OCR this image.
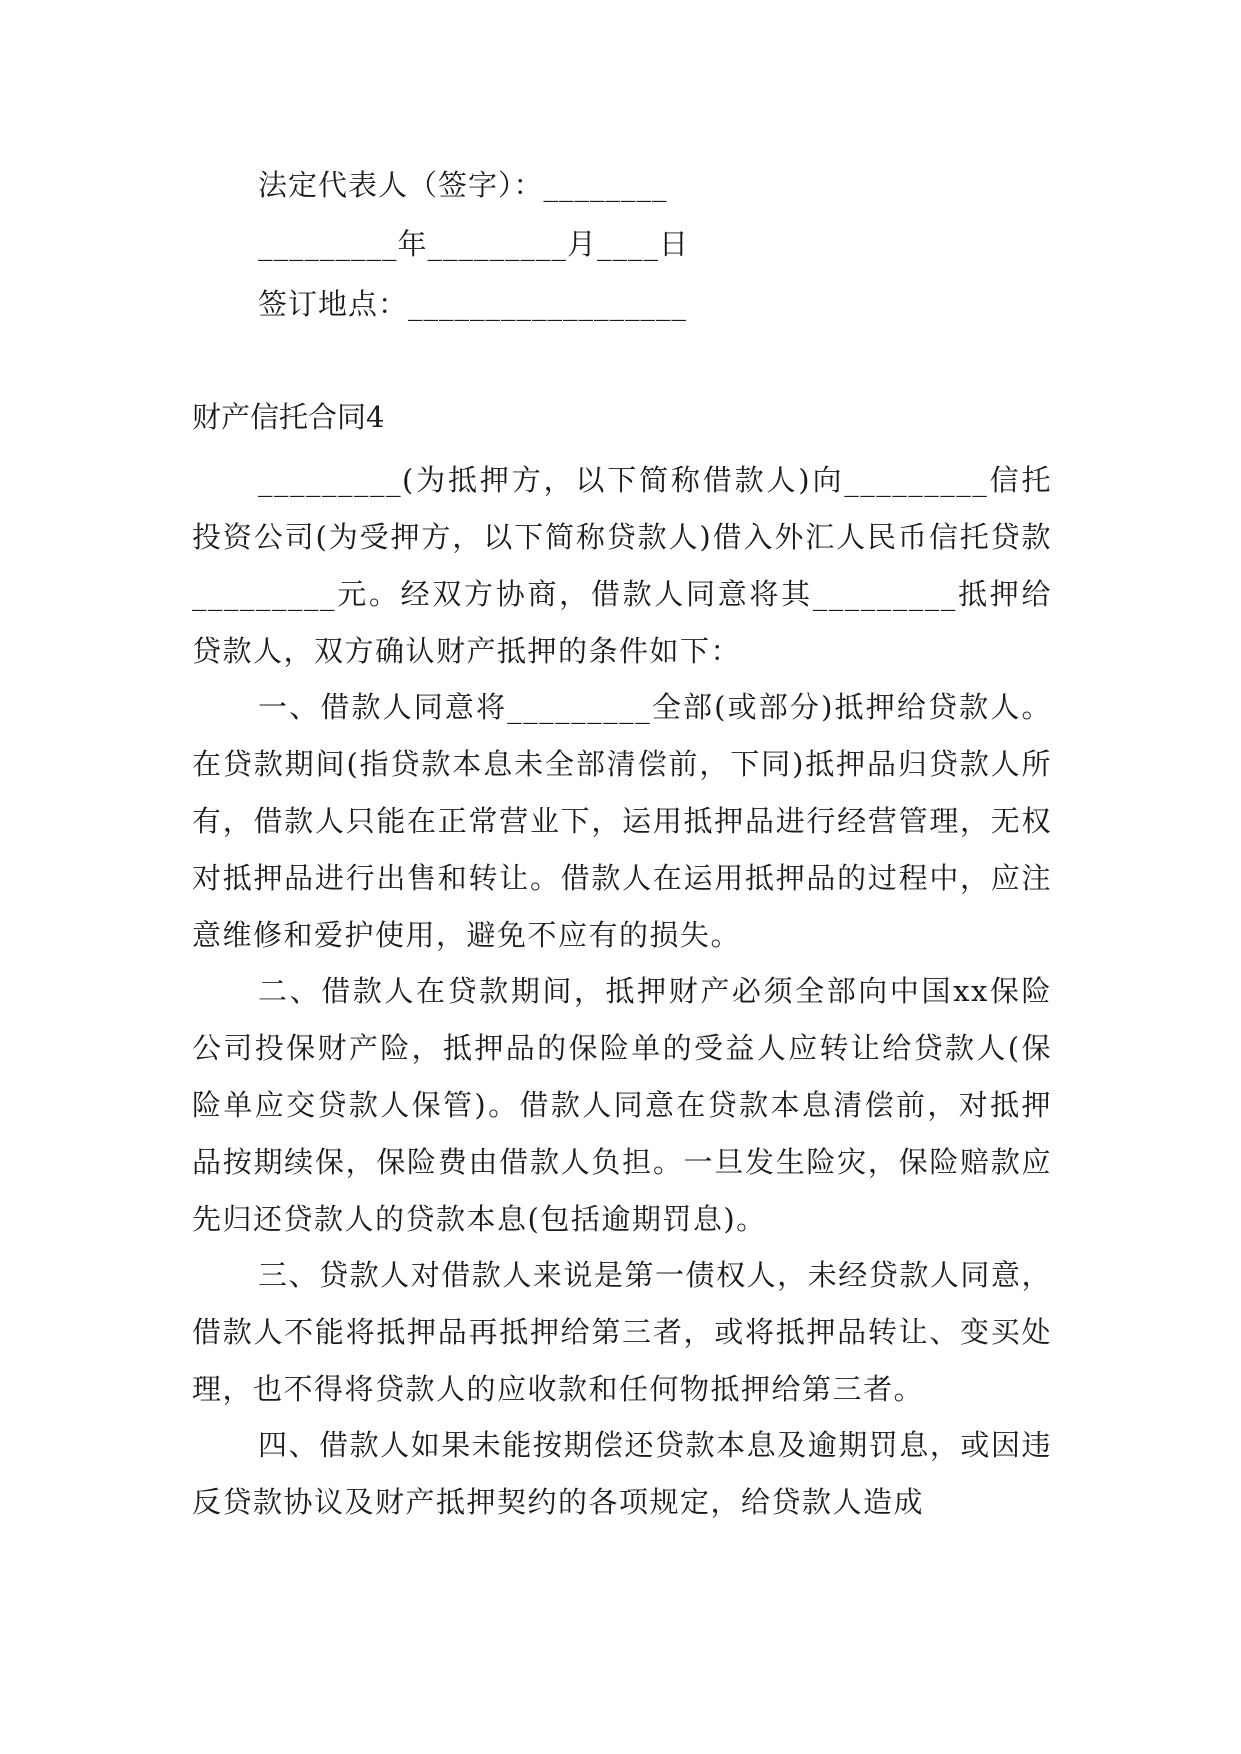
法定代表人（签字）：________
_________年_________月____日
签订地点：__________________
财产信托合同4
_________(为抵押方，以下简称借款人)向_________信托投资公司(为受押方，以下简称贷款人)借入外汇人民币信托贷款_________元。经双方协商，借款人同意将其_________抵押给贷款人，双方确认财产抵押的条件如下：
一、借款人同意将_________全部(或部分)抵押给贷款人。在贷款期间(指贷款本息未全部清偿前，下同)抵押品归贷款人所有，借款人只能在正常营业下，运用抵押品进行经营管理，无权对抵押品进行出售和转让。借款人在运用抵押品的过程中，应注意维修和爱护使用，避免不应有的损失。
二、借款人在贷款期间，抵押财产必须全部向中国xx保险公司投保财产险，抵押品的保险单的受益人应转让给贷款人(保险单应交贷款人保管)。借款人同意在贷款本息清偿前，对抵押品按期续保，保险费由借款人负担。一旦发生险灾，保险赔款应先归还贷款人的贷款本息(包括逾期罚息)。
三、贷款人对借款人来说是第一债权人，未经贷款人同意，借款人不能将抵押品再抵押给第三者，或将抵押品转让、变买处理，也不得将贷款人的应收款和任何物抵押给第三者。
四、借款人如果未能按期偿还贷款本息及逾期罚息，或因违反贷款协议及财产抵押契约的各项规定，给贷款人造成
